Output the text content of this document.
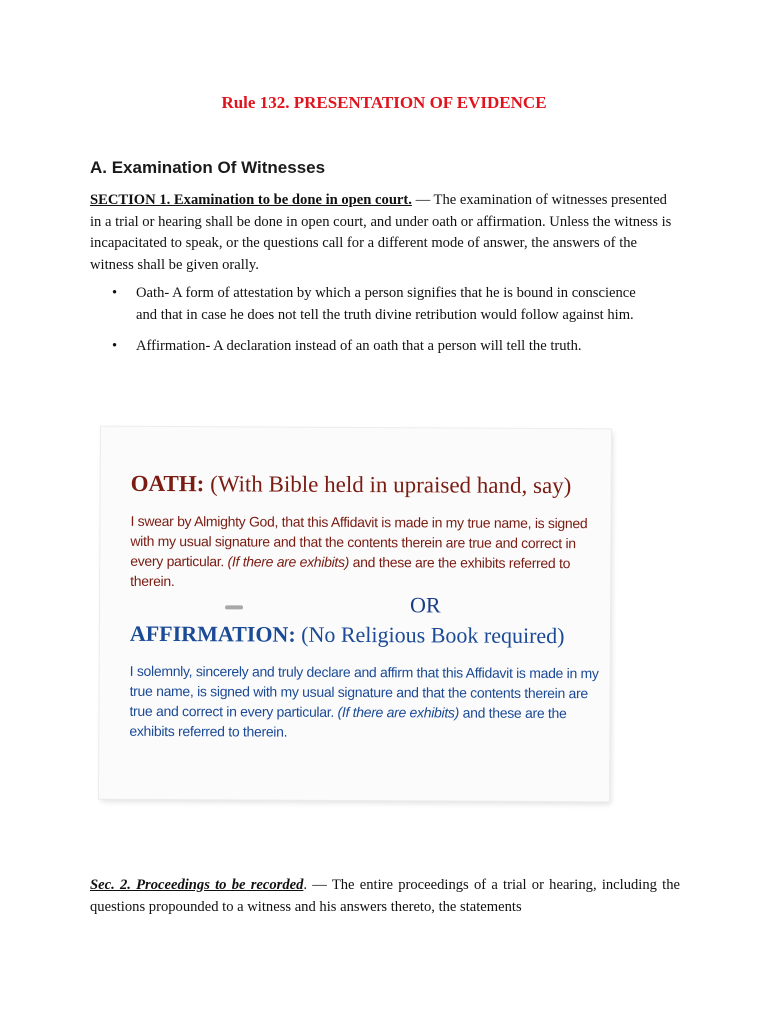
Rule 132. PRESENTATION OF EVIDENCE
A. Examination Of Witnesses
SECTION 1. Examination to be done in open court. — The examination of witnesses presented in a trial or hearing shall be done in open court, and under oath or affirmation. Unless the witness is incapacitated to speak, or the questions call for a different mode of answer, the answers of the witness shall be given orally.
• Oath- A form of attestation by which a person signifies that he is bound in conscience and that in case he does not tell the truth divine retribution would follow against him.
• Affirmation- A declaration instead of an oath that a person will tell the truth.
OATH: (With Bible held in upraised hand, say)
I swear by Almighty God, that this Affidavit is made in my true name, is signed with my usual signature and that the contents therein are true and correct in every particular. (If there are exhibits) and these are the exhibits referred to therein.
OR
AFFIRMATION: (No Religious Book required)
I solemnly, sincerely and truly declare and affirm that this Affidavit is made in my true name, is signed with my usual signature and that the contents therein are true and correct in every particular. (If there are exhibits) and these are the exhibits referred to therein.
Sec. 2. Proceedings to be recorded. — The entire proceedings of a trial or hearing, including the questions propounded to a witness and his answers thereto, the statements
